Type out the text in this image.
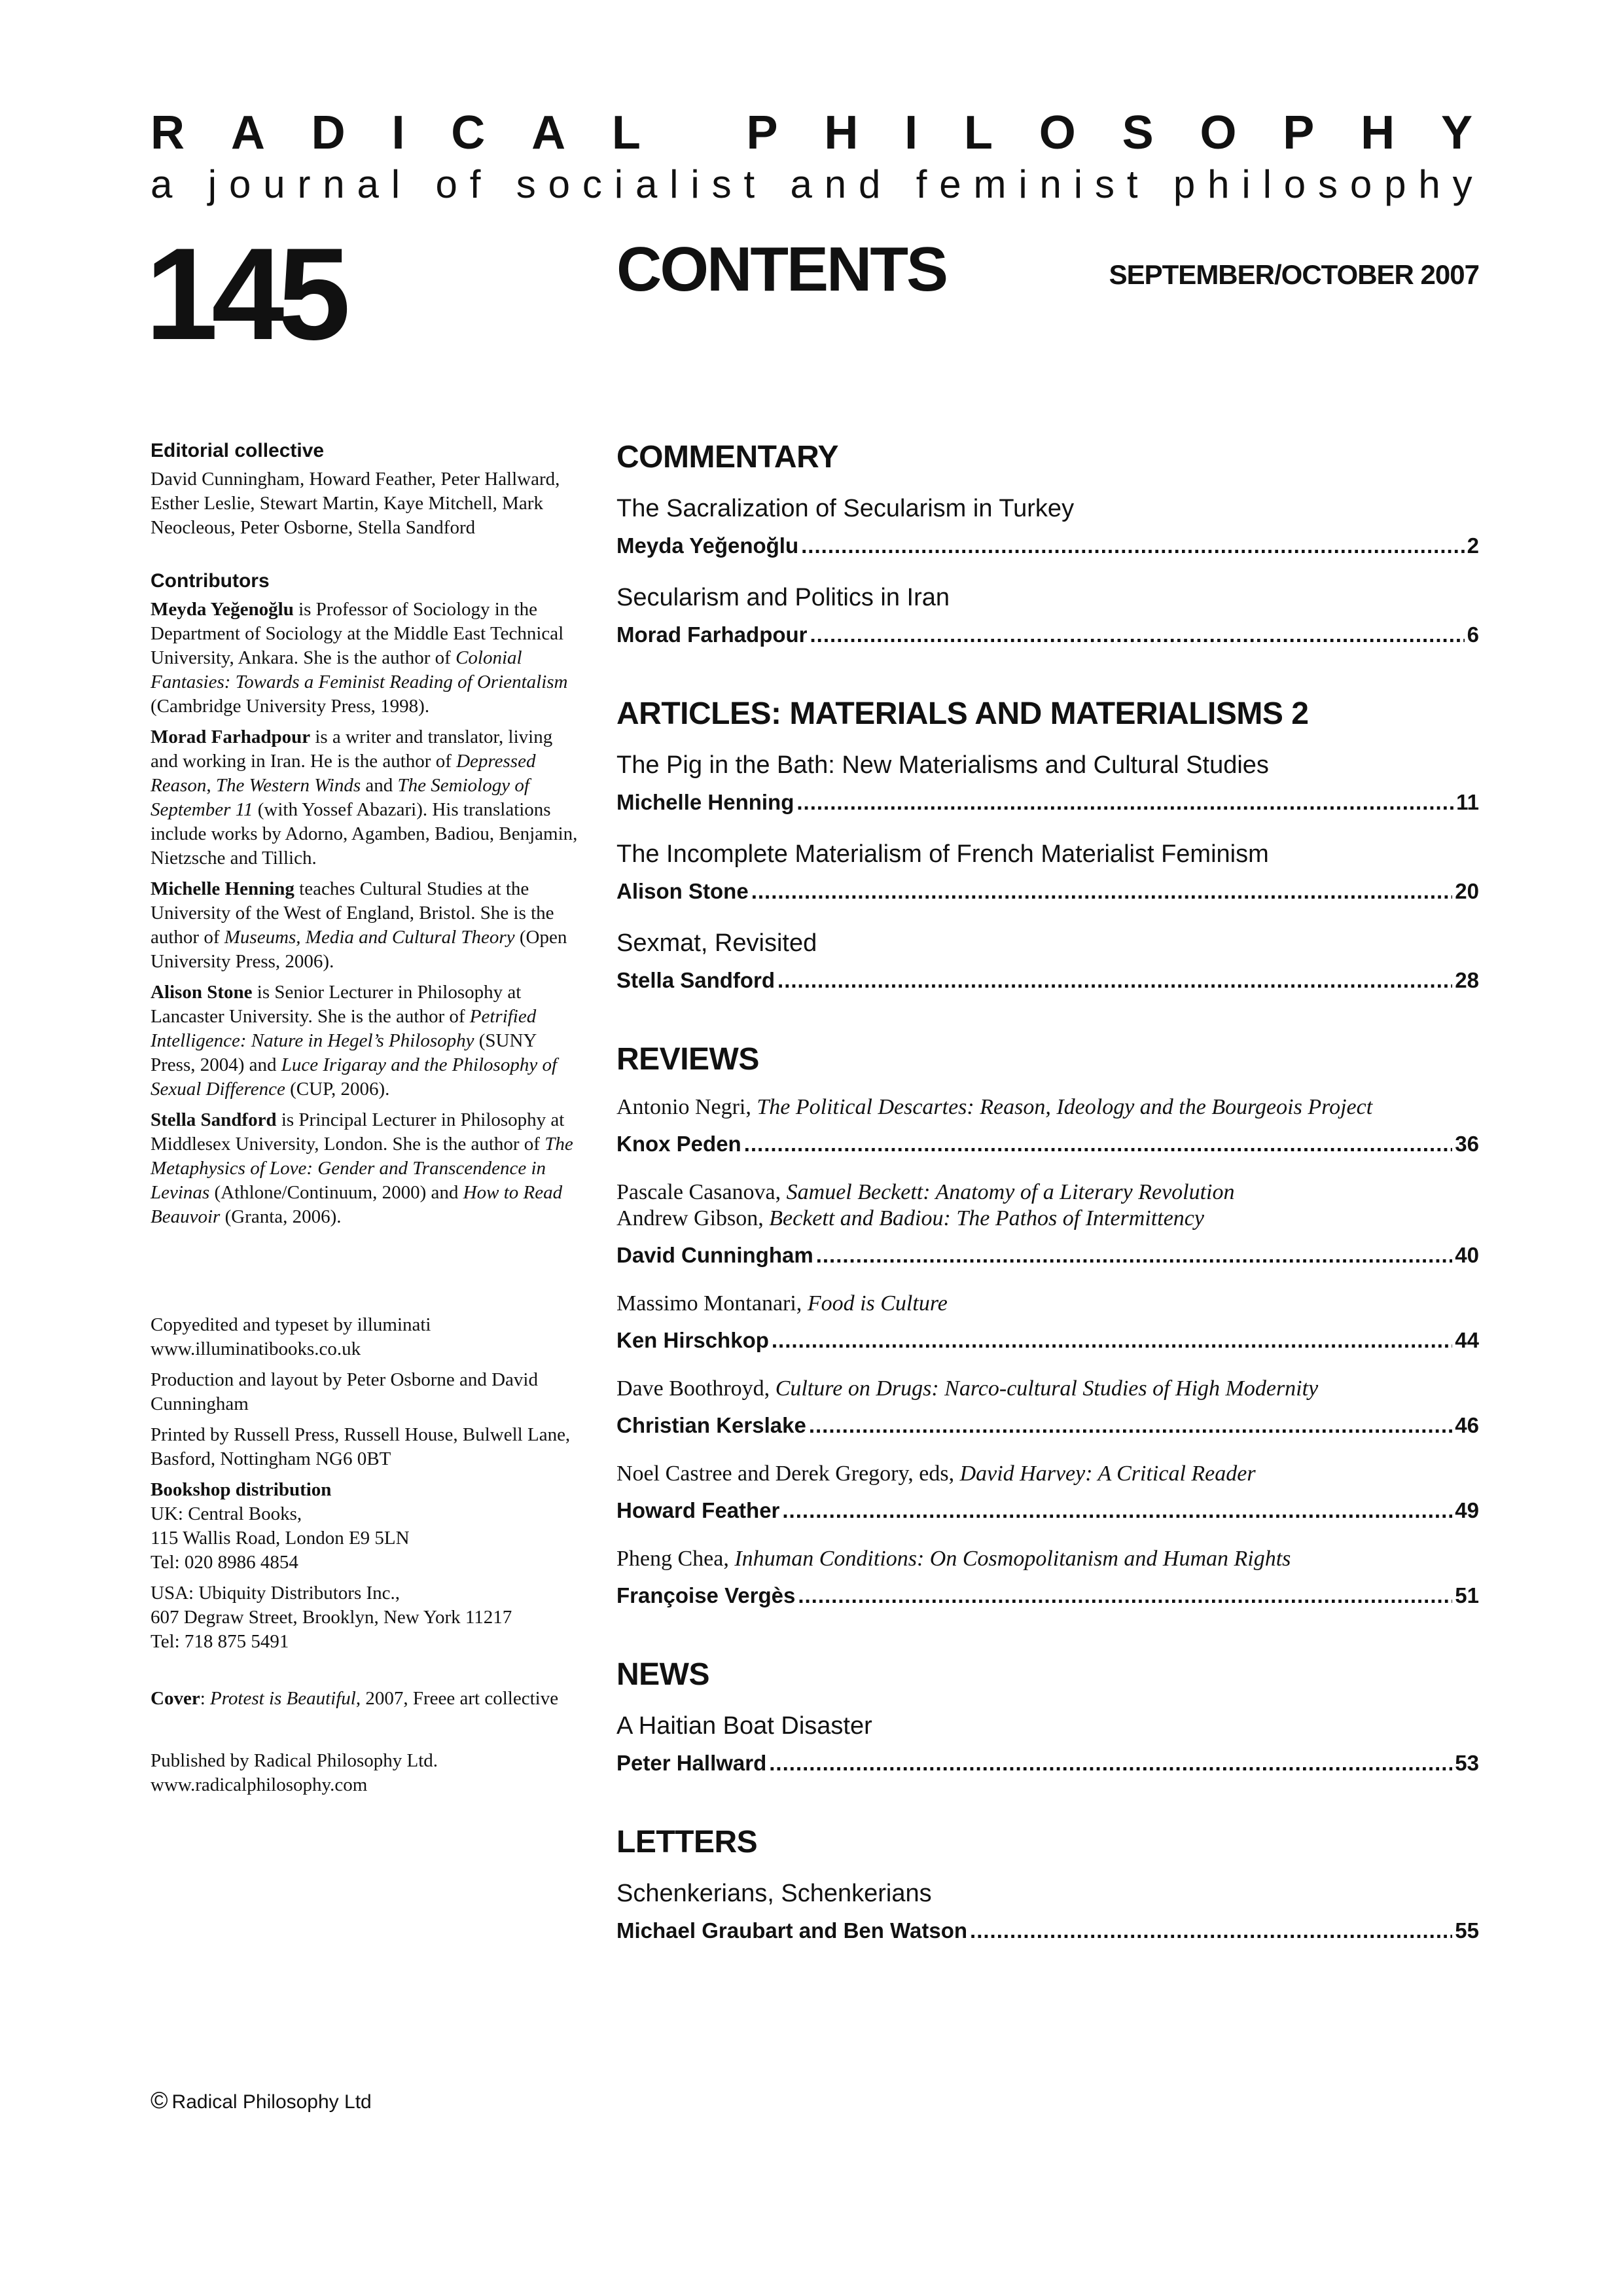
R A D I C A L
P H I L O S O P H Y
a
j o u r n a l
o f
s o c i a l i s t
a n d
f e m i n i s t
p h i l o s o p h y
145	CONTENTS	SEPTEMBER/OCTOBER 2007
Editorial collective

David Cunningham, Howard Feather, Peter Hallward, Esther Leslie, Stewart Martin, Kaye Mitchell, Mark Neocleous, Peter Osborne, Stella Sandford

Contributors

Meyda Yeğenoğlu is Professor of Sociology in the Department of Sociology at the Middle East Technical University, Ankara. She is the author of Colonial Fantasies: Towards a Feminist Reading of Orientalism (Cambridge University Press, 1998).

Morad Farhadpour is a writer and translator, living and working in Iran. He is the author of Depressed Reason, The Western Winds and The Semiology of September 11 (with Yossef Abazari). His translations include works by Adorno, Agamben, Badiou, Benjamin, Nietzsche and Tillich.

Michelle Henning teaches Cultural Studies at the University of the West of England, Bristol. She is the author of Museums, Media and Cultural Theory (Open University Press, 2006).

Alison Stone is Senior Lecturer in Philosophy at Lancaster University. She is the author of Petrified Intelligence: Nature in Hegel’s Philosophy (SUNY Press, 2004) and Luce Irigaray and the Philosophy of Sexual Difference (CUP, 2006).

Stella Sandford is Principal Lecturer in Philosophy at Middlesex University, London. She is the author of The Metaphysics of Love: Gender and Transcendence in Levinas (Athlone/Continuum, 2000) and How to Read Beauvoir (Granta, 2006).

Copyedited and typeset by illuminati www.illuminatibooks.co.uk

Production and layout by Peter Osborne and David Cunningham

Printed by Russell Press, Russell House, Bulwell Lane, Basford, Nottingham NG6 0BT

Bookshop distribution

UK: Central Books,
115 Wallis Road, London E9 5LN
Tel: 020 8986 4854

USA: Ubiquity Distributors Inc.,
607 Degraw Street, Brooklyn, New York 11217
Tel: 718 875 5491

Cover: Protest is Beautiful, 2007, Freee art collective

Published by Radical Philosophy Ltd. www.radicalphilosophy.com

© Radical Philosophy Ltd
COMMENTARY
The Sacralization of Secularism in Turkey
Meyda Yeğenoğlu .....	2
Secularism and Politics in Iran
Morad Farhadpour .....	6
ARTICLES: MATERIALS AND MATERIALISMS 2
The Pig in the Bath: New Materialisms and Cultural Studies
Michelle Henning .....	11
The Incomplete Materialism of French Materialist Feminism
Alison Stone .....	20
Sexmat, Revisited
Stella Sandford .....	28
REVIEWS
Antonio Negri, The Political Descartes: Reason, Ideology and the Bourgeois Project
Knox Peden .....	36
Pascale Casanova, Samuel Beckett: Anatomy of a Literary Revolution
Andrew Gibson, Beckett and Badiou: The Pathos of Intermittency
David Cunningham .....	40
Massimo Montanari, Food is Culture
Ken Hirschkop .....	44
Dave Boothroyd, Culture on Drugs: Narco-cultural Studies of High Modernity
Christian Kerslake .....	46
Noel Castree and Derek Gregory, eds, David Harvey: A Critical Reader
Howard Feather .....	49
Pheng Chea, Inhuman Conditions: On Cosmopolitanism and Human Rights
Françoise Vergès .....	51
NEWS
A Haitian Boat Disaster
Peter Hallward .....	53
LETTERS
Schenkerians, Schenkerians
Michael Graubart and Ben Watson .....	55
